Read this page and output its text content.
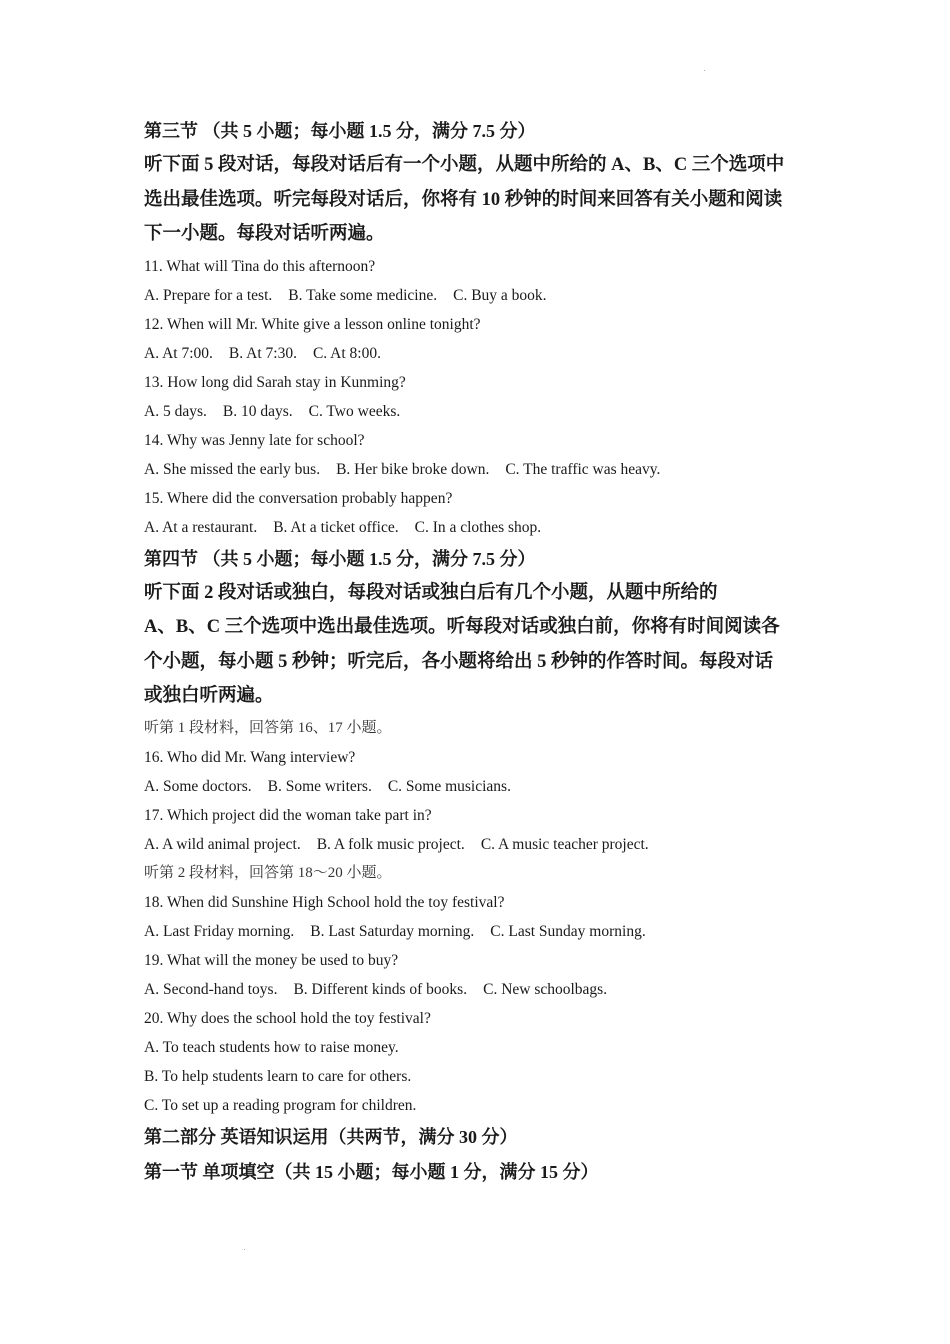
第三节 （共 5 小题；每小题 1.5 分，满分 7.5 分）
听下面 5 段对话，每段对话后有一个小题，从题中所给的 A、B、C 三个选项中
选出最佳选项。听完每段对话后，你将有 10 秒钟的时间来回答有关小题和阅读
下一小题。每段对话听两遍。
11. What will Tina do this afternoon?
A. Prepare for a test. B. Take some medicine. C. Buy a book.
12. When will Mr. White give a lesson online tonight?
A. At 7:00. B. At 7:30. C. At 8:00.
13. How long did Sarah stay in Kunming?
A. 5 days. B. 10 days. C. Two weeks.
14. Why was Jenny late for school?
A. She missed the early bus. B. Her bike broke down. C. The traffic was heavy.
15. Where did the conversation probably happen?
A. At a restaurant. B. At a ticket office. C. In a clothes shop.
第四节 （共 5 小题；每小题 1.5 分，满分 7.5 分）
听下面 2 段对话或独白，每段对话或独白后有几个小题，从题中所给的
A、B、C 三个选项中选出最佳选项。听每段对话或独白前，你将有时间阅读各
个小题，每小题 5 秒钟；听完后，各小题将给出 5 秒钟的作答时间。每段对话
或独白听两遍。
听第 1 段材料，回答第 16、17 小题。
16. Who did Mr. Wang interview?
A. Some doctors. B. Some writers. C. Some musicians.
17. Which project did the woman take part in?
A. A wild animal project. B. A folk music project. C. A music teacher project.
听第 2 段材料，回答第 18～20 小题。
18. When did Sunshine High School hold the toy festival?
A. Last Friday morning. B. Last Saturday morning. C. Last Sunday morning.
19. What will the money be used to buy?
A. Second-hand toys. B. Different kinds of books. C. New schoolbags.
20. Why does the school hold the toy festival?
A. To teach students how to raise money.
B. To help students learn to care for others.
C. To set up a reading program for children.
第二部分 英语知识运用（共两节，满分 30 分）
第一节 单项填空（共 15 小题；每小题 1 分，满分 15 分）
